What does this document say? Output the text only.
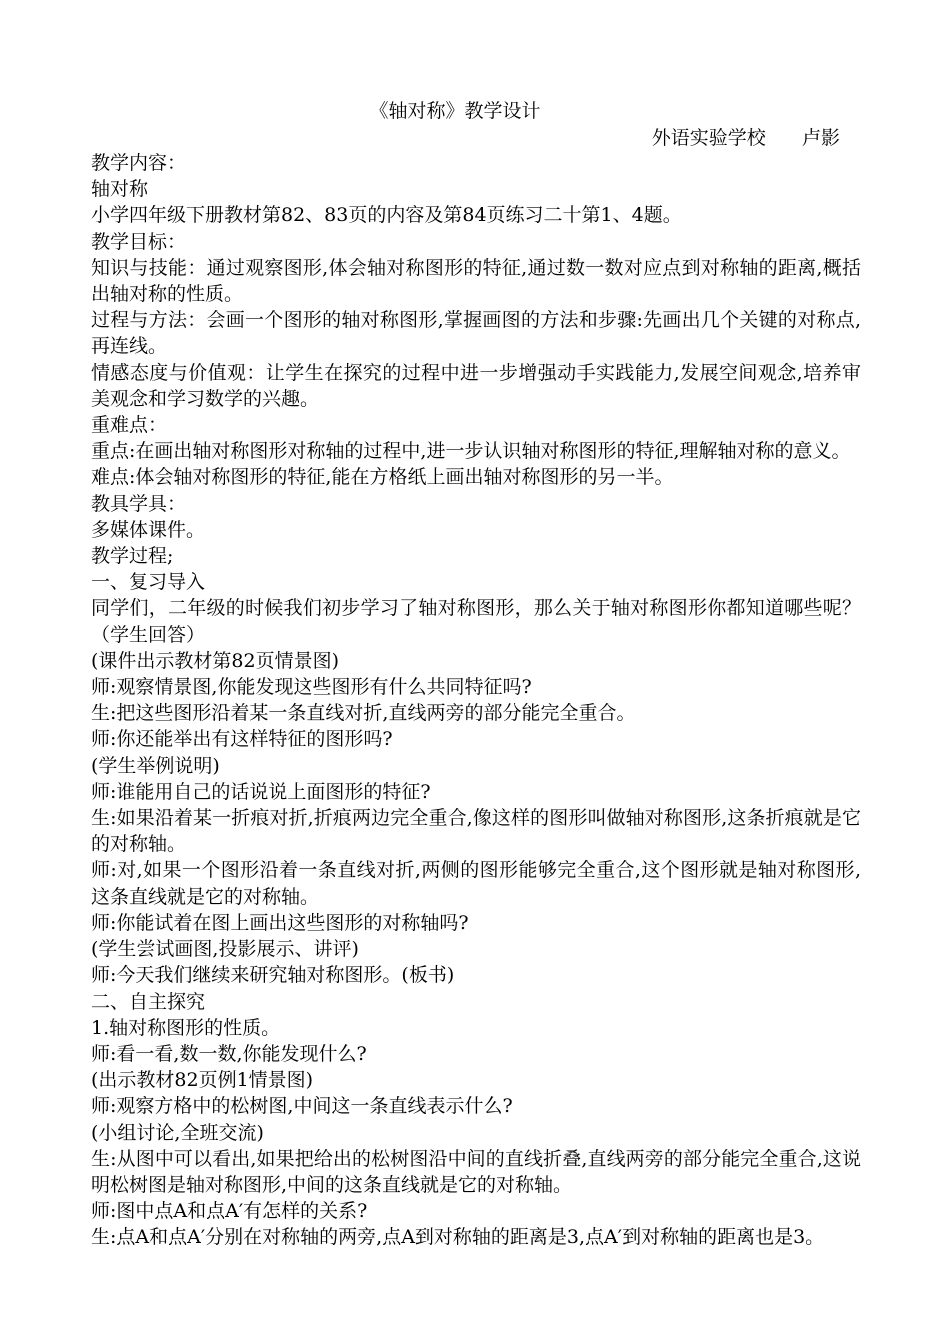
《轴对称》教学设计
外语实验学校      卢影

教学内容：

轴对称

小学四年级下册教材第82、83页的内容及第84页练习二十第1、4题。

教学目标：

知识与技能：通过观察图形,体会轴对称图形的特征,通过数一数对应点到对称轴的距离,概括出轴对称的性质。

过程与方法：会画一个图形的轴对称图形,掌握画图的方法和步骤:先画出几个关键的对称点,再连线。

情感态度与价值观：让学生在探究的过程中进一步增强动手实践能力,发展空间观念,培养审美观念和学习数学的兴趣。

重难点：

重点:在画出轴对称图形对称轴的过程中,进一步认识轴对称图形的特征,理解轴对称的意义。

难点:体会轴对称图形的特征,能在方格纸上画出轴对称图形的另一半。

教具学具：

多媒体课件。

教学过程;

一、复习导入

同学们，二年级的时候我们初步学习了轴对称图形，那么关于轴对称图形你都知道哪些呢？（学生回答）

(课件出示教材第82页情景图)

师:观察情景图,你能发现这些图形有什么共同特征吗?

生:把这些图形沿着某一条直线对折,直线两旁的部分能完全重合。

师:你还能举出有这样特征的图形吗?

(学生举例说明)

师:谁能用自己的话说说上面图形的特征?

生:如果沿着某一折痕对折,折痕两边完全重合,像这样的图形叫做轴对称图形,这条折痕就是它的对称轴。

师:对,如果一个图形沿着一条直线对折,两侧的图形能够完全重合,这个图形就是轴对称图形,这条直线就是它的对称轴。

师:你能试着在图上画出这些图形的对称轴吗?

(学生尝试画图,投影展示、讲评)

师:今天我们继续来研究轴对称图形。(板书)

二、自主探究

1.轴对称图形的性质。

师:看一看,数一数,你能发现什么?

(出示教材82页例1情景图)

师:观察方格中的松树图,中间这一条直线表示什么?

(小组讨论,全班交流)

生:从图中可以看出,如果把给出的松树图沿中间的直线折叠,直线两旁的部分能完全重合,这说明松树图是轴对称图形,中间的这条直线就是它的对称轴。

师:图中点A和点A′有怎样的关系?

生:点A和点A′分别在对称轴的两旁,点A到对称轴的距离是3,点A′到对称轴的距离也是3。
